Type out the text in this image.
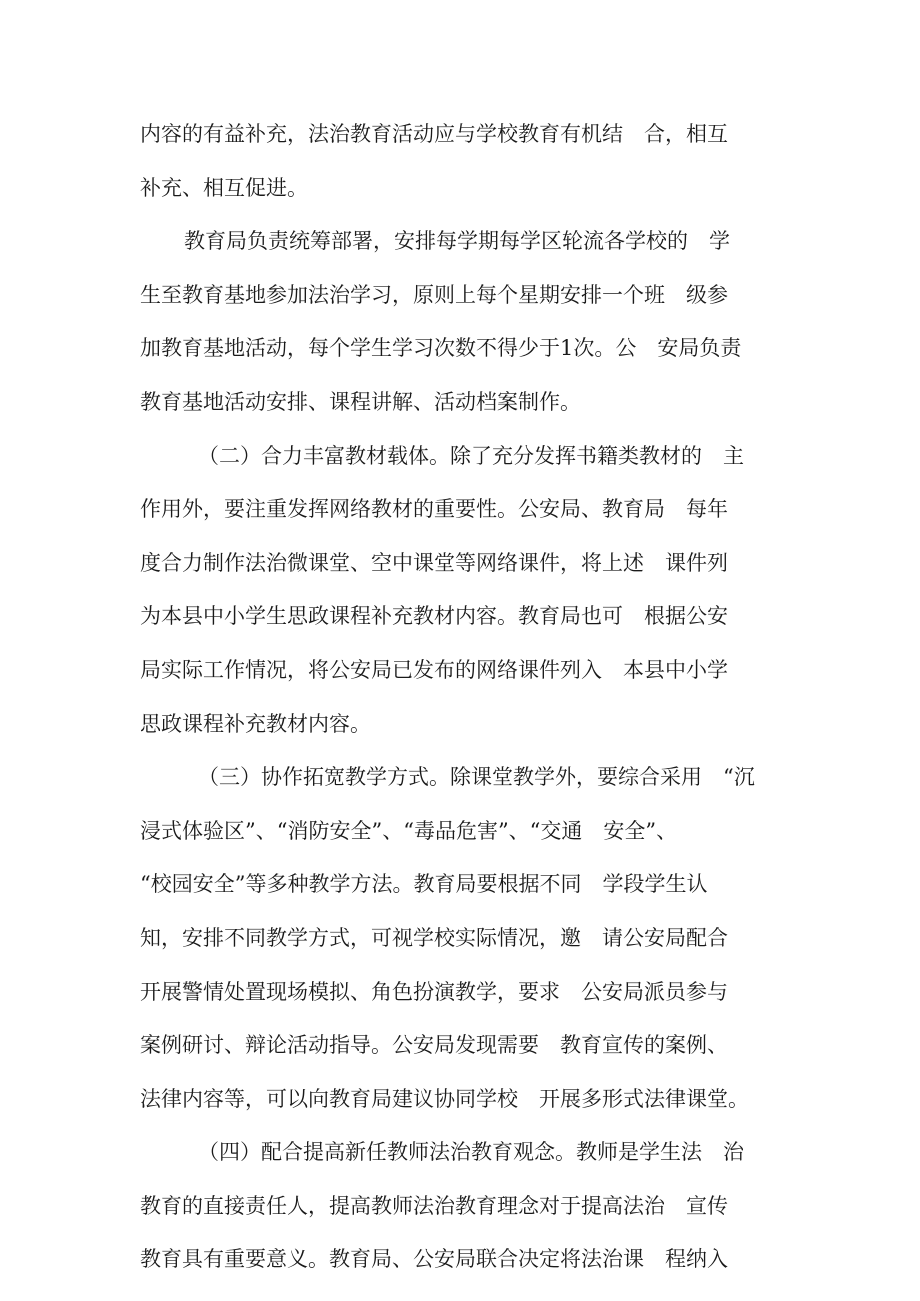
内容的有益补充，法治教育活动应与学校教育有机结　合，相互
补充、相互促进。
教育局负责统筹部署，安排每学期每学区轮流各学校的　学
生至教育基地参加法治学习，原则上每个星期安排一个班　级参
加教育基地活动，每个学生学习次数不得少于1次。公　安局负责
教育基地活动安排、课程讲解、活动档案制作。
（二）合力丰富教材载体。除了充分发挥书籍类教材的　主
作用外，要注重发挥网络教材的重要性。公安局、教育局　每年
度合力制作法治微课堂、空中课堂等网络课件，将上述　课件列
为本县中小学生思政课程补充教材内容。教育局也可　根据公安
局实际工作情况，将公安局已发布的网络课件列入　本县中小学
思政课程补充教材内容。
（三）协作拓宽教学方式。除课堂教学外，要综合采用　“沉
浸式体验区”、“消防安全”、“毒品危害”、“交通　安全”、
“校园安全”等多种教学方法。教育局要根据不同　学段学生认
知，安排不同教学方式，可视学校实际情况，邀　请公安局配合
开展警情处置现场模拟、角色扮演教学，要求　公安局派员参与
案例研讨、辩论活动指导。公安局发现需要　教育宣传的案例、
法律内容等，可以向教育局建议协同学校　开展多形式法律课堂。
（四）配合提高新任教师法治教育观念。教师是学生法　治
教育的直接责任人，提高教师法治教育理念对于提高法治　宣传
教育具有重要意义。教育局、公安局联合决定将法治课　程纳入
